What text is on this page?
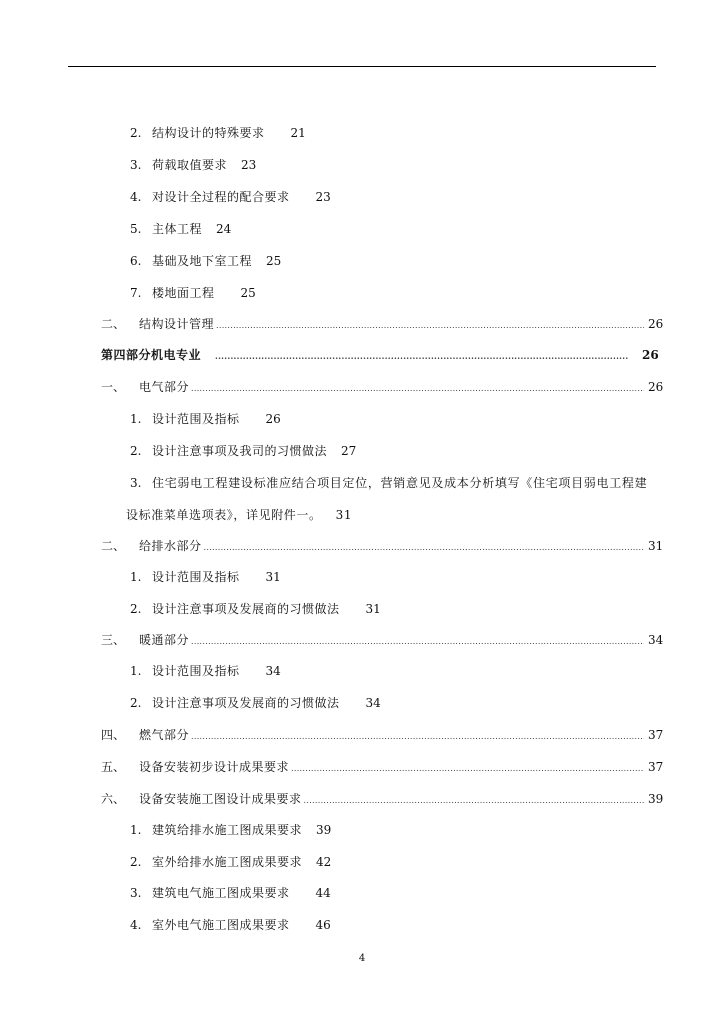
2. 结构设计的特殊要求 21
3. 荷载取值要求 23
4. 对设计全过程的配合要求 23
5. 主体工程 24
6. 基础及地下室工程 25
7. 楼地面工程 25
二、	结构设计管理 .....	26
第四部分机电专业 .....	26
一、	电气部分 .....	26
1. 设计范围及指标 26
2. 设计注意事项及我司的习惯做法 27
3. 住宅弱电工程建设标准应结合项目定位，营销意见及成本分析填写《住宅项目弱电工程建
设标准菜单选项表》，详见附件一。 31
二、	给排水部分 .....	31
1. 设计范围及指标 31
2. 设计注意事项及发展商的习惯做法 31
三、	暖通部分 .....	34
1. 设计范围及指标 34
2. 设计注意事项及发展商的习惯做法 34
四、	燃气部分 .....	37
五、	设备安装初步设计成果要求 .....	37
六、	设备安装施工图设计成果要求 .....	39
1. 建筑给排水施工图成果要求 39
2. 室外给排水施工图成果要求 42
3. 建筑电气施工图成果要求 44
4. 室外电气施工图成果要求 46
4
